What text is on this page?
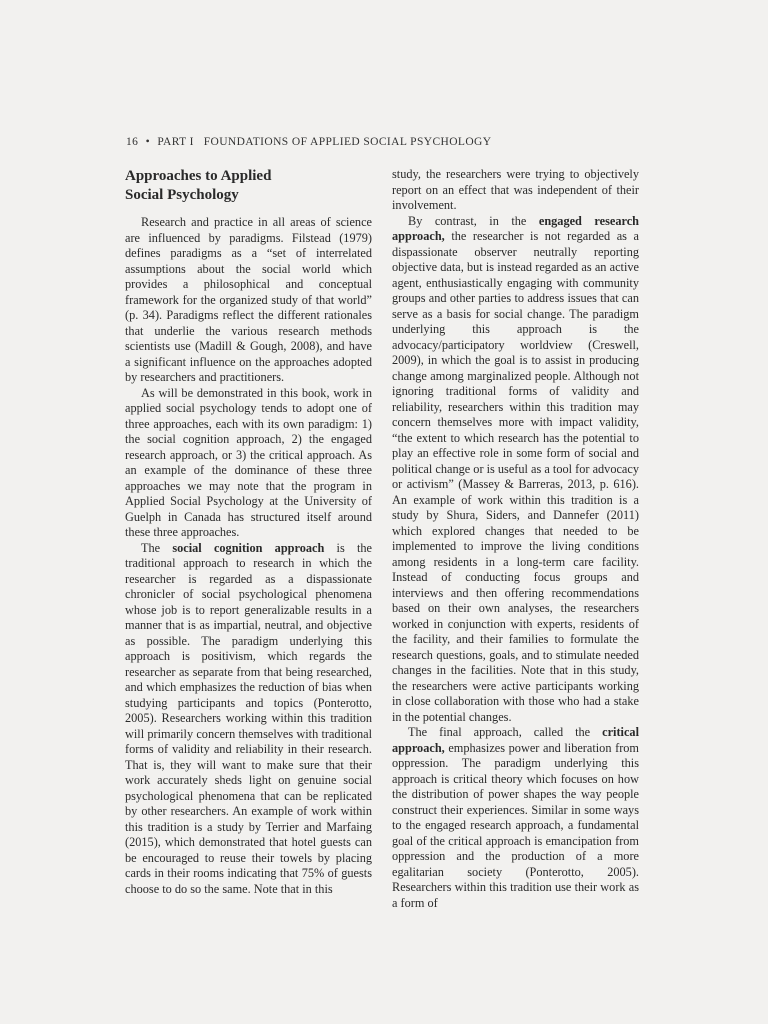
16 • PART I FOUNDATIONS OF APPLIED SOCIAL PSYCHOLOGY
Approaches to Applied
Social Psychology

Research and practice in all areas of science are influenced by paradigms. Filstead (1979) defines paradigms as a “set of interrelated assumptions about the social world which provides a philosophical and conceptual framework for the organized study of that world” (p. 34). Paradigms reflect the different rationales that underlie the various research methods scientists use (Madill & Gough, 2008), and have a significant influence on the approaches adopted by researchers and practitioners.

As will be demonstrated in this book, work in applied social psychology tends to adopt one of three approaches, each with its own paradigm: 1) the social cognition approach, 2) the engaged research approach, or 3) the critical approach. As an example of the dominance of these three approaches we may note that the program in Applied Social Psychology at the University of Guelph in Canada has structured itself around these three approaches.

The social cognition approach is the traditional approach to research in which the researcher is regarded as a dispassionate chronicler of social psychological phenomena whose job is to report generalizable results in a manner that is as impartial, neutral, and objective as possible. The paradigm underlying this approach is positivism, which regards the researcher as separate from that being researched, and which emphasizes the reduction of bias when studying participants and topics (Ponterotto, 2005). Researchers working within this tradition will primarily concern themselves with traditional forms of validity and reliability in their research. That is, they will want to make sure that their work accurately sheds light on genuine social psychological phenomena that can be replicated by other researchers. An example of work within this tradition is a study by Terrier and Marfaing (2015), which demonstrated that hotel guests can be encouraged to reuse their towels by placing cards in their rooms indicating that 75% of guests choose to do so the same. Note that in this

study, the researchers were trying to objectively report on an effect that was independent of their involvement.

By contrast, in the engaged research approach, the researcher is not regarded as a dispassionate observer neutrally reporting objective data, but is instead regarded as an active agent, enthusiastically engaging with community groups and other parties to address issues that can serve as a basis for social change. The paradigm underlying this approach is the advocacy/participatory worldview (Creswell, 2009), in which the goal is to assist in producing change among marginalized people. Although not ignoring traditional forms of validity and reliability, researchers within this tradition may concern themselves more with impact validity, “the extent to which research has the potential to play an effective role in some form of social and political change or is useful as a tool for advocacy or activism” (Massey & Barreras, 2013, p. 616). An example of work within this tradition is a study by Shura, Siders, and Dannefer (2011) which explored changes that needed to be implemented to improve the living conditions among residents in a long-term care facility. Instead of conducting focus groups and interviews and then offering recommendations based on their own analyses, the researchers worked in conjunction with experts, residents of the facility, and their families to formulate the research questions, goals, and to stimulate needed changes in the facilities. Note that in this study, the researchers were active participants working in close collaboration with those who had a stake in the potential changes.

The final approach, called the critical approach, emphasizes power and liberation from oppression. The paradigm underlying this approach is critical theory which focuses on how the distribution of power shapes the way people construct their experiences. Similar in some ways to the engaged research approach, a fundamental goal of the critical approach is emancipation from oppression and the production of a more egalitarian society (Ponterotto, 2005). Researchers within this tradition use their work as a form of
